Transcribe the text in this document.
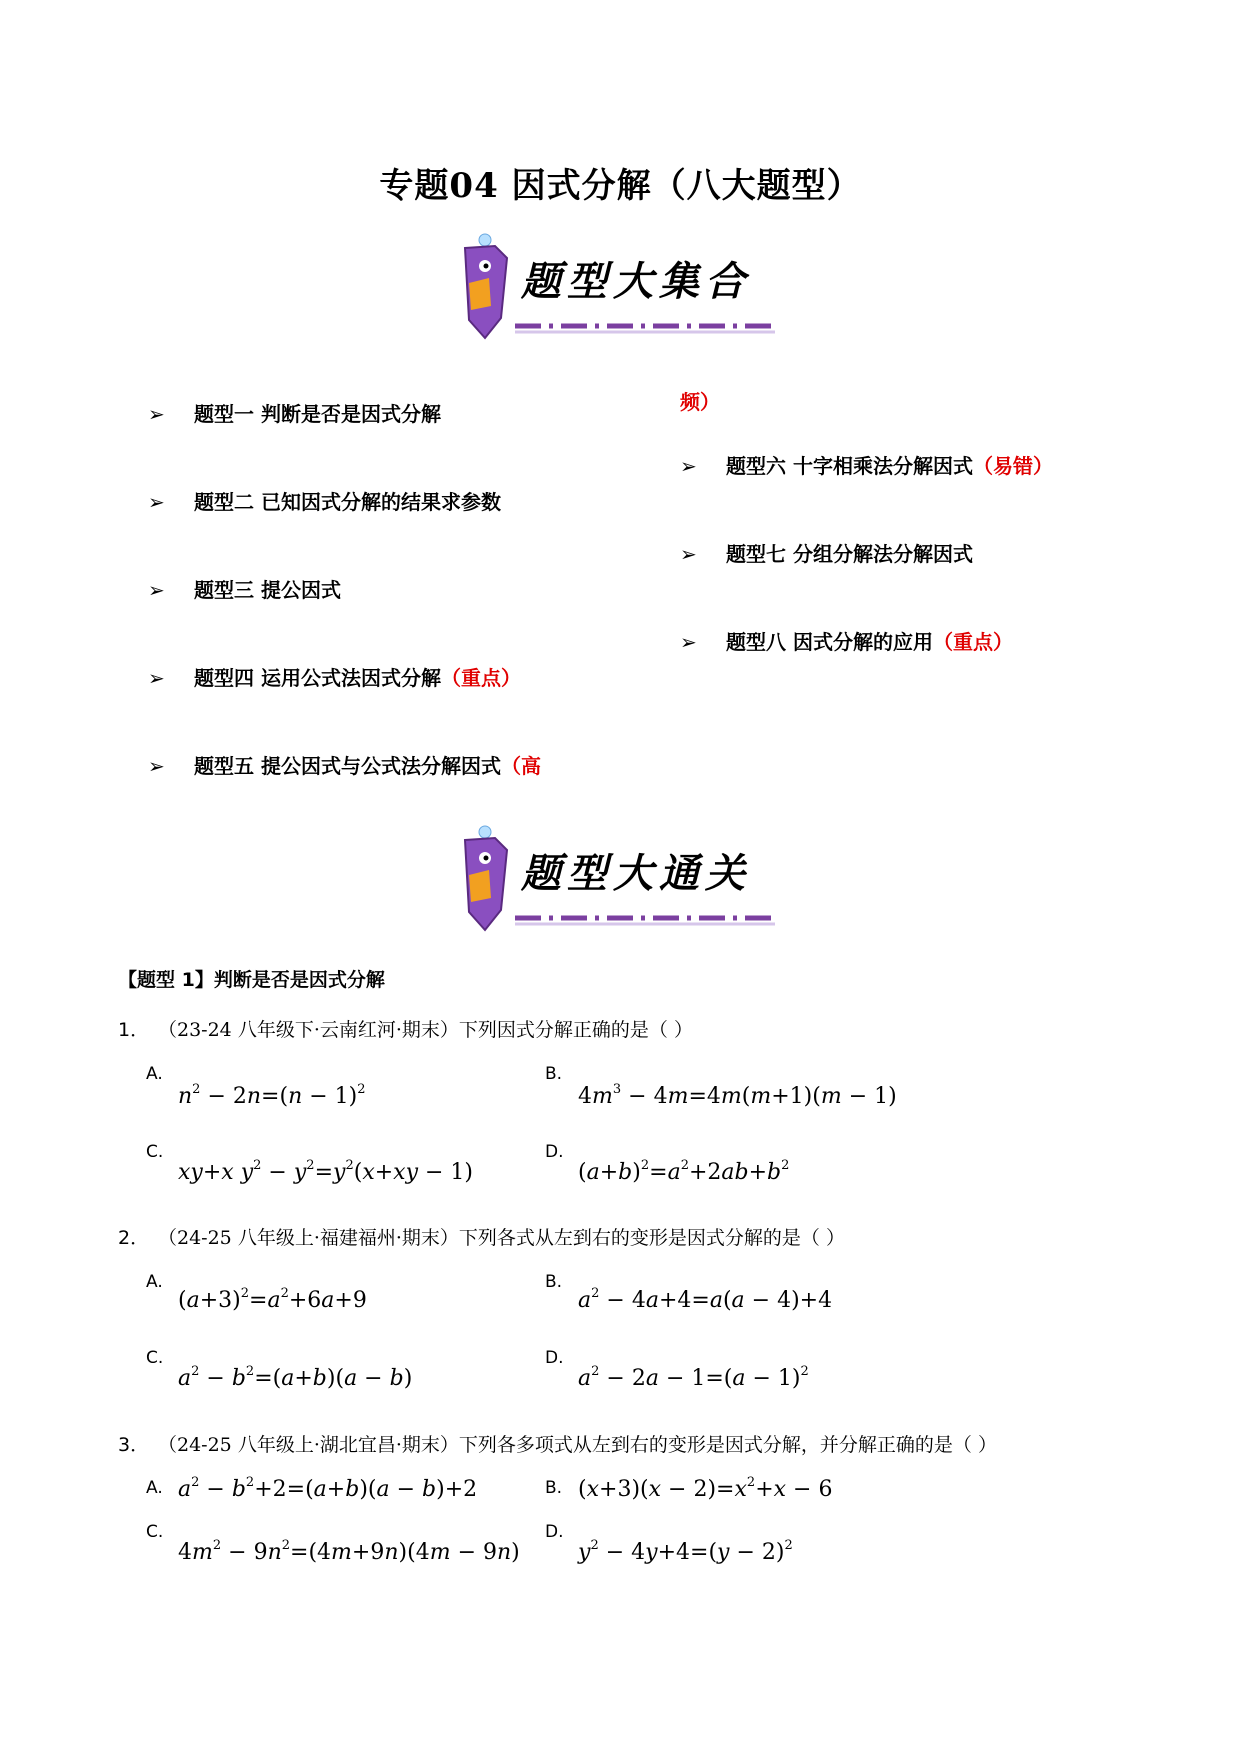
专题04 因式分解（八大题型）
题型大集合
➢ 题型一 判断是否是因式分解
➢ 题型二 已知因式分解的结果求参数
➢ 题型三 提公因式
➢ 题型四 运用公式法因式分解（重点）
➢ 题型五 提公因式与公式法分解因式（高
频）
➢ 题型六 十字相乘法分解因式（易错）
➢ 题型七 分组分解法分解因式
➢ 题型八 因式分解的应用（重点）
题型大通关
【题型 1】判断是否是因式分解
1． （23-24 八年级下·云南红河·期末）下列因式分解正确的是（ ）
A.
$n^2 - 2n=(n - 1)^2$
B.
$4m^3 - 4m=4m(m+1)(m - 1)$
C.
xy+x $y^2 - y^2=y^2(x+xy - 1)$
D.
$(a+b)^2=a^2+2ab+b^2$
2． （24-25 八年级上·福建福州·期末）下列各式从左到右的变形是因式分解的是（ ）
A.
$(a+3)^2=a^2+6a+9$
B.
$a^2 - 4a+4=a(a - 4)+4$
C.
$a^2 - b^2=(a+b)(a - b)$
D.
$a^2 - 2a - 1=(a - 1)^2$
3． （24-25 八年级上·湖北宜昌·期末）下列各多项式从左到右的变形是因式分解，并分解正确的是（ ）
A. $a^2 - b^2+2=(a+b)(a - b)+2$	B. $(x+3)(x - 2)=x^2+x - 6$
C.
$4m^2 - 9n^2=(4m+9n)(4m - 9n)$
D.
$y^2 - 4y+4=(y - 2)^2$
